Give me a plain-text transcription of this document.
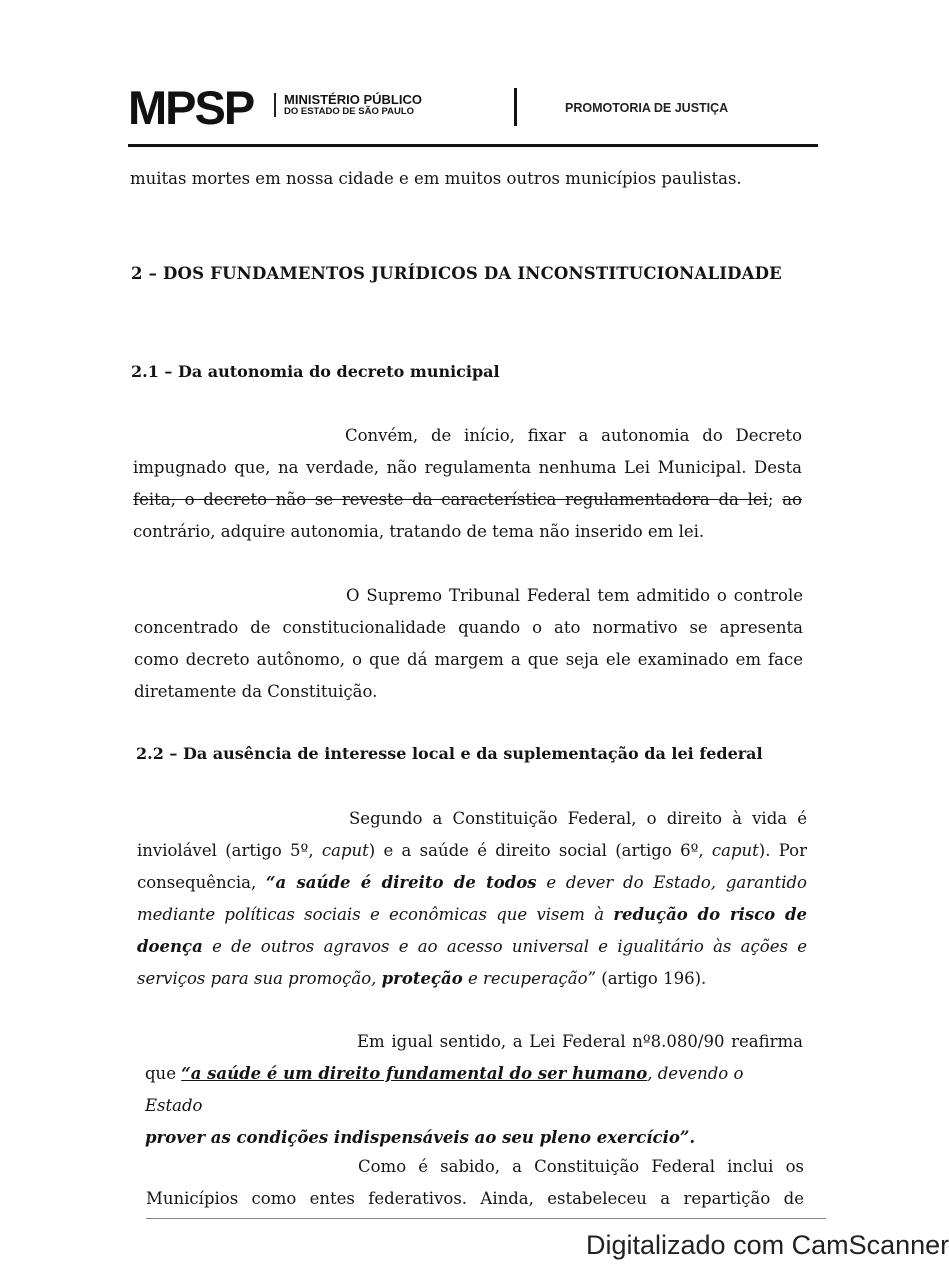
MPSP MINISTÉRIO PÚBLICO
DO ESTADO DE SÃO PAULO	PROMOTORIA DE JUSTIÇA
muitas mortes em nossa cidade e em muitos outros municípios paulistas.
2 – DOS FUNDAMENTOS JURÍDICOS DA INCONSTITUCIONALIDADE
2.1 – Da autonomia do decreto municipal
Convém, de início, fixar a autonomia do Decreto
impugnado que, na verdade, não regulamenta nenhuma Lei Municipal. Desta
feita, o decreto não se reveste da característica regulamentadora da lei; ao
contrário, adquire autonomia, tratando de tema não inserido em lei.
O Supremo Tribunal Federal tem admitido o controle
concentrado de constitucionalidade quando o ato normativo se apresenta
como decreto autônomo, o que dá margem a que seja ele examinado em face
diretamente da Constituição.
2.2 – Da ausência de interesse local e da suplementação da lei federal
Segundo a Constituição Federal, o direito à vida é
inviolável (artigo 5º, caput) e a saúde é direito social (artigo 6º, caput). Por
consequência, “a saúde é direito de todos e dever do Estado, garantido
mediante políticas sociais e econômicas que visem à redução do risco de
doença e de outros agravos e ao acesso universal e igualitário às ações e
serviços para sua promoção, proteção e recuperação” (artigo 196).
Em igual sentido, a Lei Federal nº8.080/90 reafirma
que “a saúde é um direito fundamental do ser humano, devendo o Estado
prover as condições indispensáveis ao seu pleno exercício”.
Como é sabido, a Constituição Federal inclui os
Municípios como entes federativos. Ainda, estabeleceu a repartição de
Digitalizado com CamScanner
